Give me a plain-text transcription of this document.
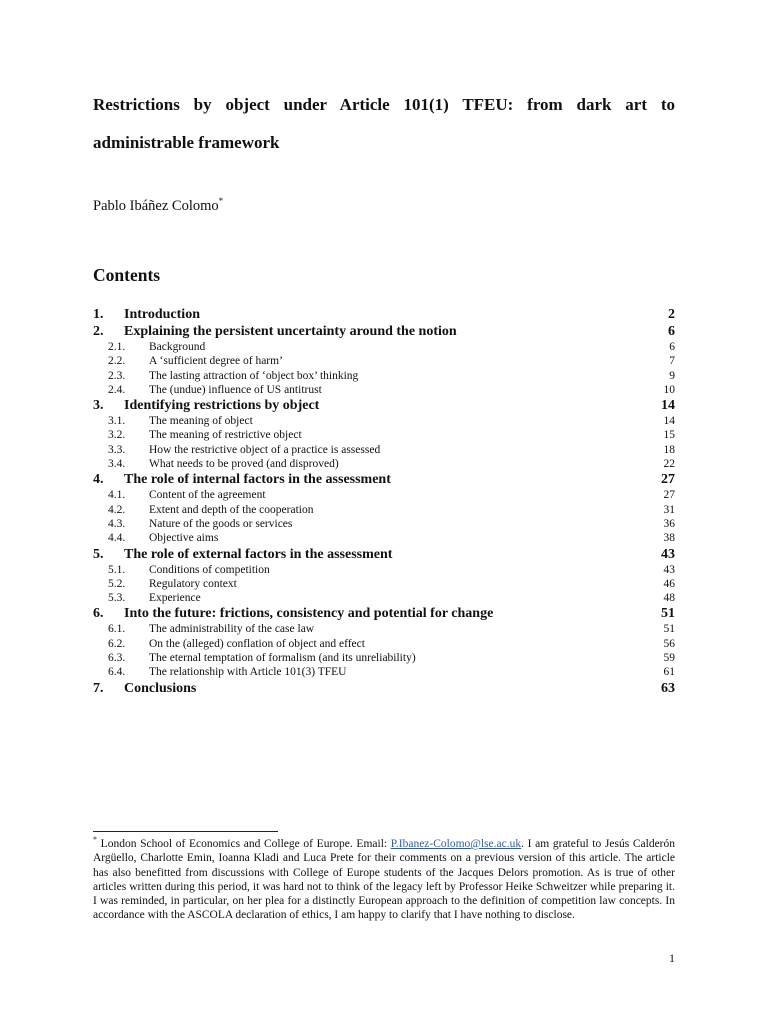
Restrictions by object under Article 101(1) TFEU: from dark art to administrable framework

Pablo Ibáñez Colomo*

Contents
1.	Introduction	2
2.	Explaining the persistent uncertainty around the notion	6
2.1.	Background	6
2.2.	A ‘sufficient degree of harm’	7
2.3.	The lasting attraction of ‘object box’ thinking	9
2.4.	The (undue) influence of US antitrust	10
3.	Identifying restrictions by object	14
3.1.	The meaning of object	14
3.2.	The meaning of restrictive object	15
3.3.	How the restrictive object of a practice is assessed	18
3.4.	What needs to be proved (and disproved)	22
4.	The role of internal factors in the assessment	27
4.1.	Content of the agreement	27
4.2.	Extent and depth of the cooperation	31
4.3.	Nature of the goods or services	36
4.4.	Objective aims	38
5.	The role of external factors in the assessment	43
5.1.	Conditions of competition	43
5.2.	Regulatory context	46
5.3.	Experience	48
6.	Into the future: frictions, consistency and potential for change	51
6.1.	The administrability of the case law	51
6.2.	On the (alleged) conflation of object and effect	56
6.3.	The eternal temptation of formalism (and its unreliability)	59
6.4.	The relationship with Article 101(3) TFEU	61
7.	Conclusions	63

* London School of Economics and College of Europe. Email: P.Ibanez-Colomo@lse.ac.uk. I am grateful to Jesús Calderón Argüello, Charlotte Emin, Ioanna Kladi and Luca Prete for their comments on a previous version of this article. The article has also benefitted from discussions with College of Europe students of the Jacques Delors promotion. As is true of other articles written during this period, it was hard not to think of the legacy left by Professor Heike Schweitzer while preparing it. I was reminded, in particular, on her plea for a distinctly European approach to the definition of competition law concepts. In accordance with the ASCOLA declaration of ethics, I am happy to clarify that I have nothing to disclose.

1
